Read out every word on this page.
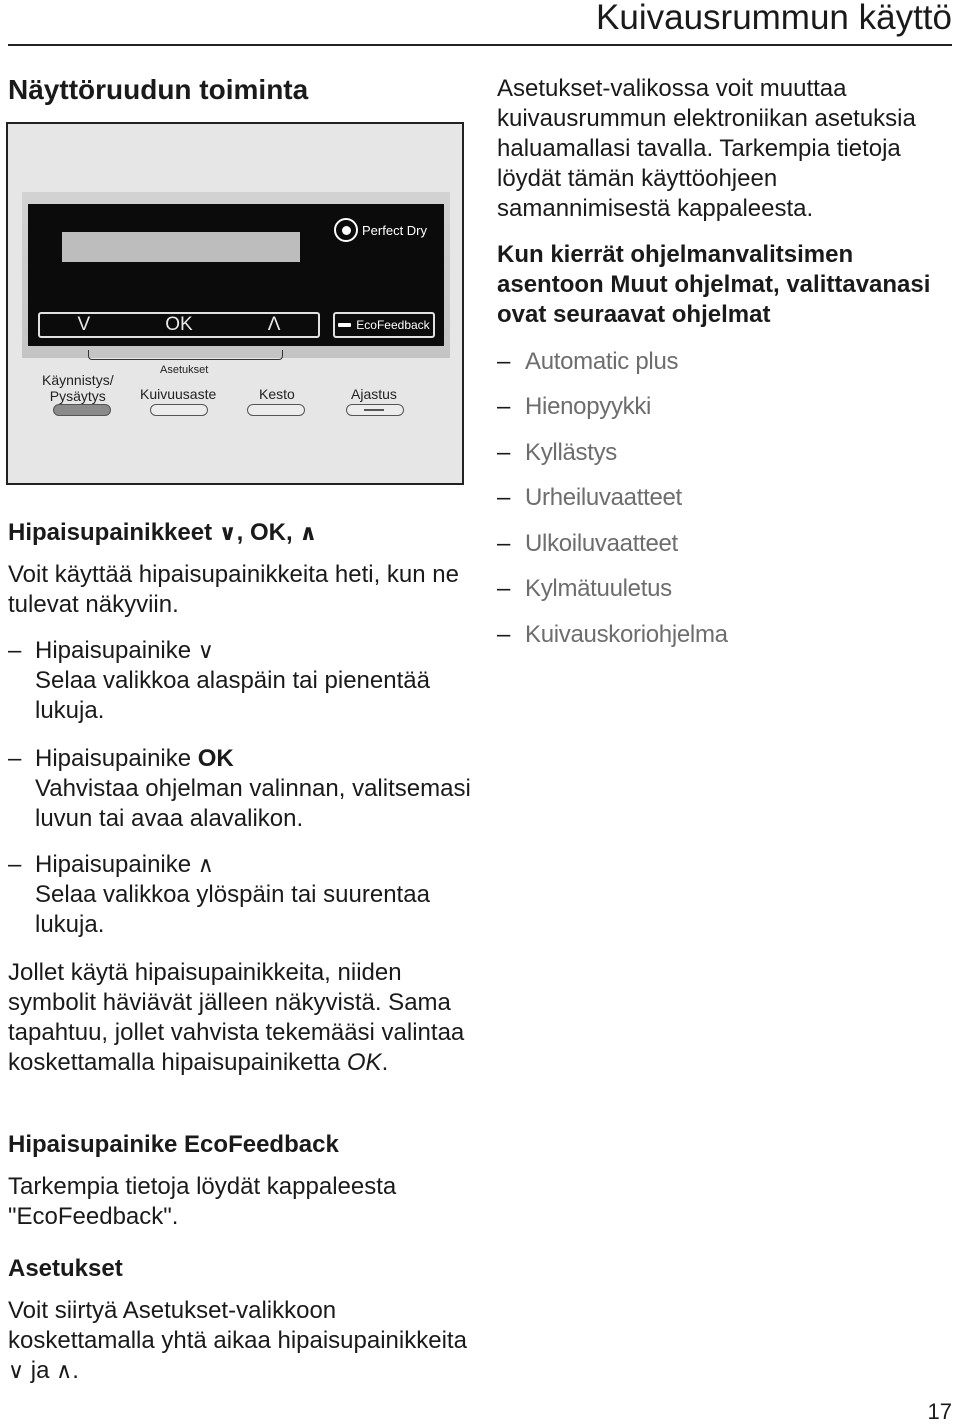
Kuivausrummun käyttö
Näyttöruudun toiminta
Perfect Dry
V	OK	Λ	EcoFeedback
Asetukset
Käynnistys/
Pysäytys	Kuivuusaste	Kesto	Ajastus

Hipaisupainikkeet ∨, OK, ∧

Voit käyttää hipaisupainikkeita heti, kun ne tulevat näkyviin.

– Hipaisupainike ∨

Selaa valikkoa alaspäin tai pienentää lukuja.

– Hipaisupainike OK

Vahvistaa ohjelman valinnan, valitsemasi luvun tai avaa alavalikon.

– Hipaisupainike ∧

Selaa valikkoa ylöspäin tai suurentaa lukuja.

Jollet käytä hipaisupainikkeita, niiden symbolit häviävät jälleen näkyvistä. Sama tapahtuu, jollet vahvista tekemääsi valintaa koskettamalla hipaisupainiketta OK.

Hipaisupainike EcoFeedback

Tarkempia tietoja löydät kappaleesta "EcoFeedback".

Asetukset

Voit siirtyä Asetukset-valikkoon koskettamalla yhtä aikaa hipaisupainikkeita ∨ ja ∧.

Asetukset-valikossa voit muuttaa kuivausrummun elektroniikan asetuksia haluamallasi tavalla. Tarkempia tietoja löydät tämän käyttöohjeen samannimisestä kappaleesta.

Kun kierrät ohjelmanvalitsimen asentoon Muut ohjelmat, valittavanasi ovat seuraavat ohjelmat

– Automatic plus
– Hienopyykki
– Kyllästys
– Urheiluvaatteet
– Ulkoiluvaatteet
– Kylmätuuletus
– Kuivauskoriohjelma
17
